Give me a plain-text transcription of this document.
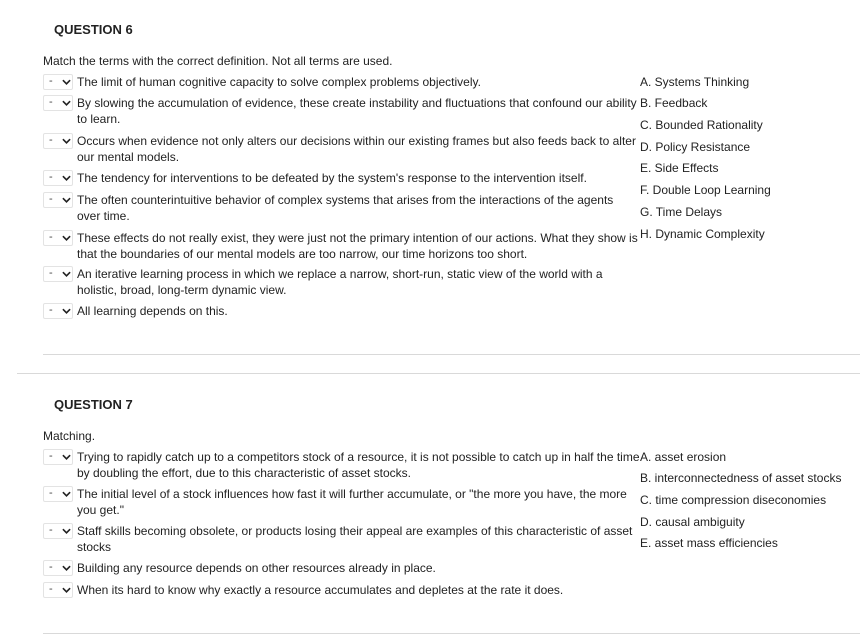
QUESTION 6
Match the terms with the correct definition. Not all terms are used.
- The limit of human cognitive capacity to solve complex problems objectively.
- By slowing the accumulation of evidence, these create instability and fluctuations that confound our ability
to learn.
- Occurs when evidence not only alters our decisions within our existing frames but also feeds back to alter
our mental models.
- The tendency for interventions to be defeated by the system's response to the intervention itself.
- The often counterintuitive behavior of complex systems that arises from the interactions of the agents
over time.
- These effects do not really exist, they were just not the primary intention of our actions. What they show is
that the boundaries of our mental models are too narrow, our time horizons too short.
- An iterative learning process in which we replace a narrow, short-run, static view of the world with a
holistic, broad, long-term dynamic view.
- All learning depends on this.
A. Systems Thinking
B. Feedback
C. Bounded Rationality
D. Policy Resistance
E. Side Effects
F. Double Loop Learning
G. Time Delays
H. Dynamic Complexity
QUESTION 7
Matching.
- Trying to rapidly catch up to a competitors stock of a resource, it is not possible to catch up in half the time
by doubling the effort, due to this characteristic of asset stocks.
- The initial level of a stock influences how fast it will further accumulate, or "the more you have, the more
you get."
- Staff skills becoming obsolete, or products losing their appeal are examples of this characteristic of asset
stocks
- Building any resource depends on other resources already in place.
- When its hard to know why exactly a resource accumulates and depletes at the rate it does.
A. asset erosion
B. interconnectedness of asset stocks
C. time compression diseconomies
D. causal ambiguity
E. asset mass efficiencies
